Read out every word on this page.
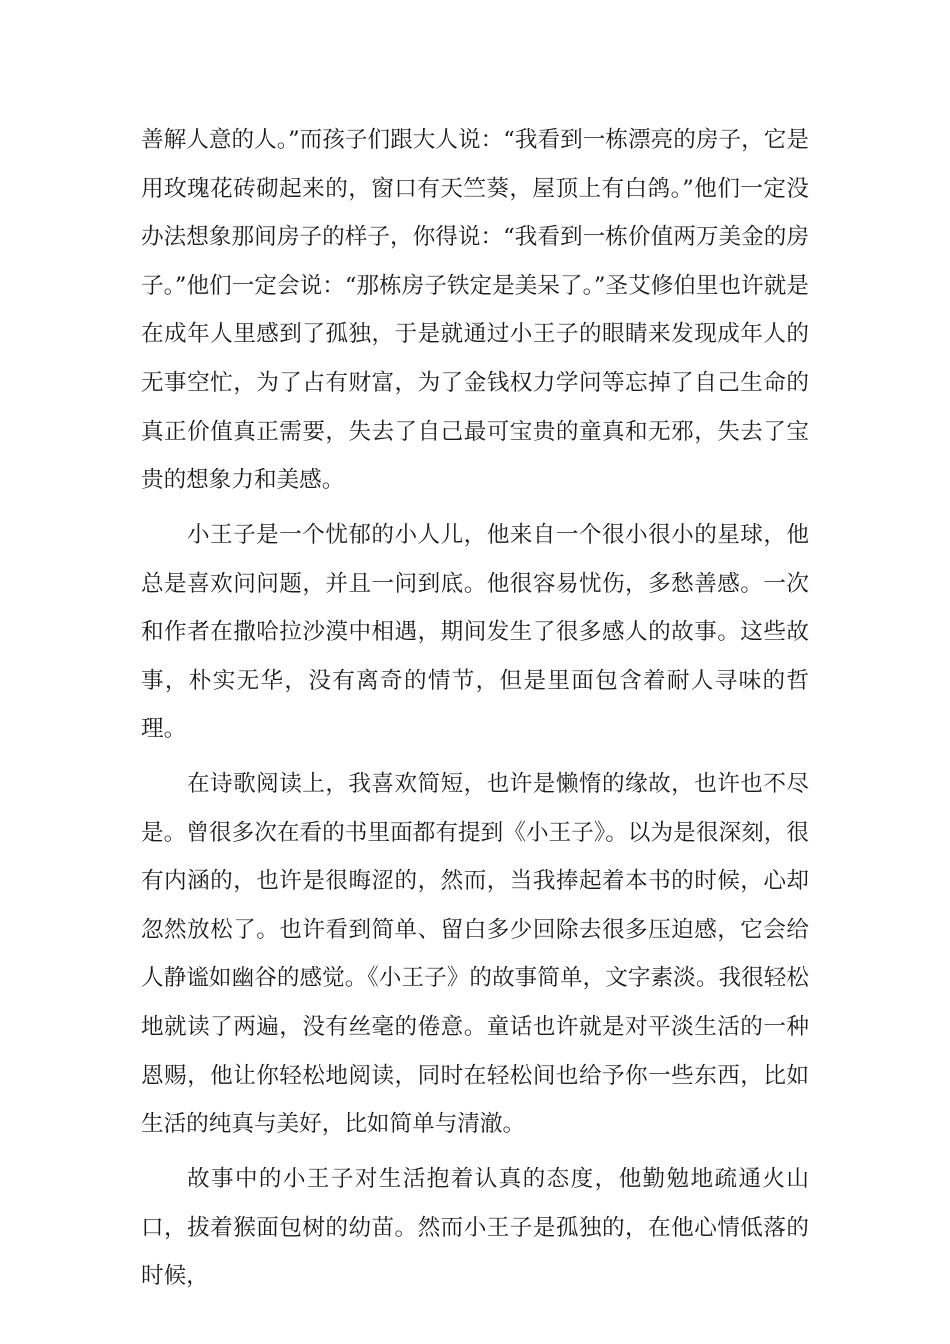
善解人意的人。”而孩子们跟大人说：“我看到一栋漂亮的房子，它是用玫瑰花砖砌起来的，窗口有天竺葵，屋顶上有白鸽。”他们一定没办法想象那间房子的样子，你得说：“我看到一栋价值两万美金的房子。”他们一定会说：“那栋房子铁定是美呆了。”圣艾修伯里也许就是在成年人里感到了孤独，于是就通过小王子的眼睛来发现成年人的无事空忙，为了占有财富，为了金钱权力学问等忘掉了自己生命的真正价值真正需要，失去了自己最可宝贵的童真和无邪，失去了宝贵的想象力和美感。

小王子是一个忧郁的小人儿，他来自一个很小很小的星球，他总是喜欢问问题，并且一问到底。他很容易忧伤，多愁善感。一次和作者在撒哈拉沙漠中相遇，期间发生了很多感人的故事。这些故事，朴实无华，没有离奇的情节，但是里面包含着耐人寻味的哲理。

在诗歌阅读上，我喜欢简短，也许是懒惰的缘故，也许也不尽是。曾很多次在看的书里面都有提到《小王子》。以为是很深刻，很有内涵的，也许是很晦涩的，然而，当我捧起着本书的时候，心却忽然放松了。也许看到简单、留白多少回除去很多压迫感，它会给人静谧如幽谷的感觉。《小王子》的故事简单，文字素淡。我很轻松地就读了两遍，没有丝毫的倦意。童话也许就是对平淡生活的一种恩赐，他让你轻松地阅读，同时在轻松间也给予你一些东西，比如生活的纯真与美好，比如简单与清澈。

故事中的小王子对生活抱着认真的态度，他勤勉地疏通火山口，拔着猴面包树的幼苗。然而小王子是孤独的，在他心情低落的时候，
